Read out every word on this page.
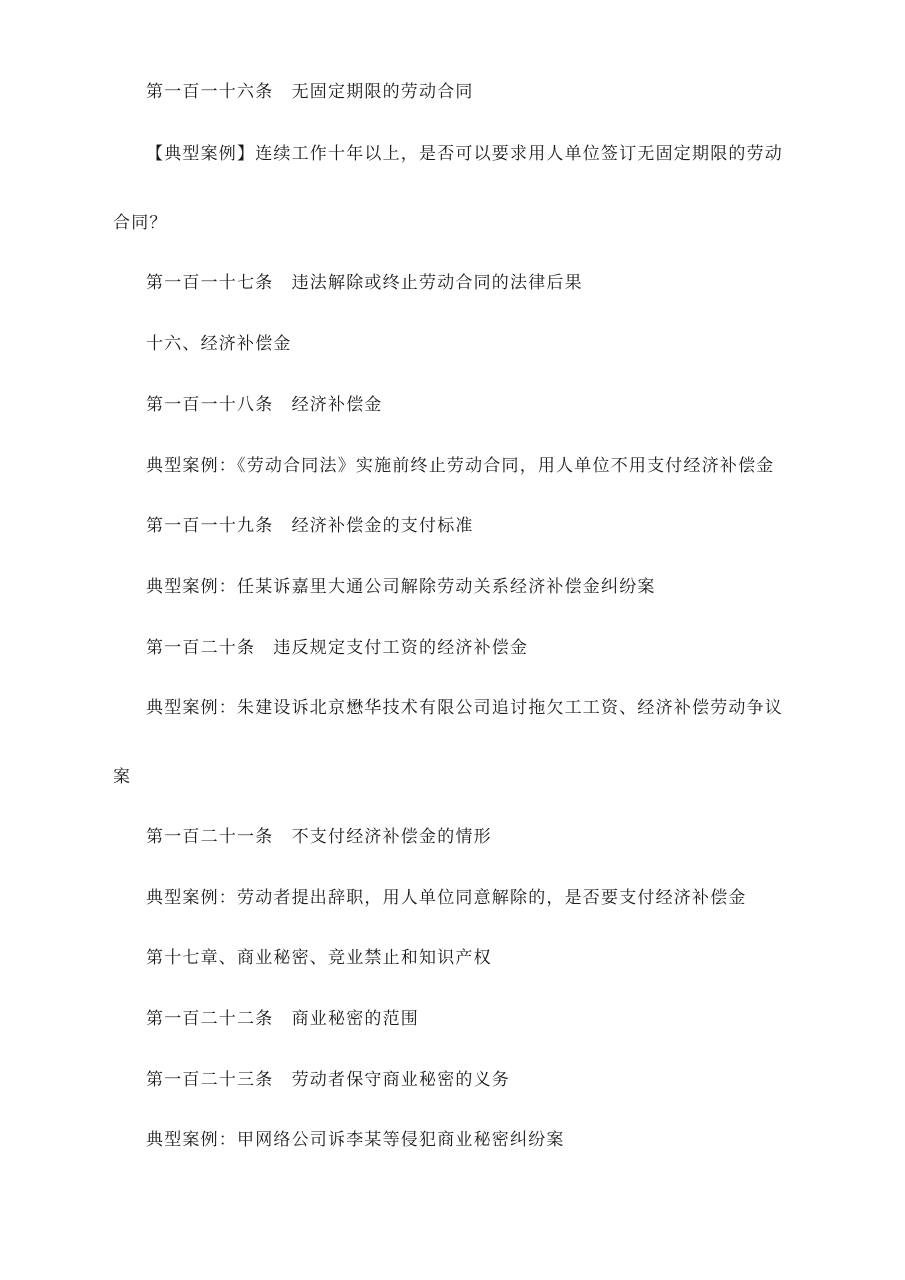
第一百一十六条　无固定期限的劳动合同
【典型案例】连续工作十年以上，是否可以要求用人单位签订无固定期限的劳动
合同？
第一百一十七条　违法解除或终止劳动合同的法律后果
十六、经济补偿金
第一百一十八条　经济补偿金
典型案例：《劳动合同法》实施前终止劳动合同，用人单位不用支付经济补偿金
第一百一十九条　经济补偿金的支付标准
典型案例：任某诉嘉里大通公司解除劳动关系经济补偿金纠纷案
第一百二十条　违反规定支付工资的经济补偿金
典型案例：朱建设诉北京懋华技术有限公司追讨拖欠工工资、经济补偿劳动争议
案
第一百二十一条　不支付经济补偿金的情形
典型案例：劳动者提出辞职，用人单位同意解除的，是否要支付经济补偿金
第十七章、商业秘密、竞业禁止和知识产权
第一百二十二条　商业秘密的范围
第一百二十三条　劳动者保守商业秘密的义务
典型案例：甲网络公司诉李某等侵犯商业秘密纠纷案
